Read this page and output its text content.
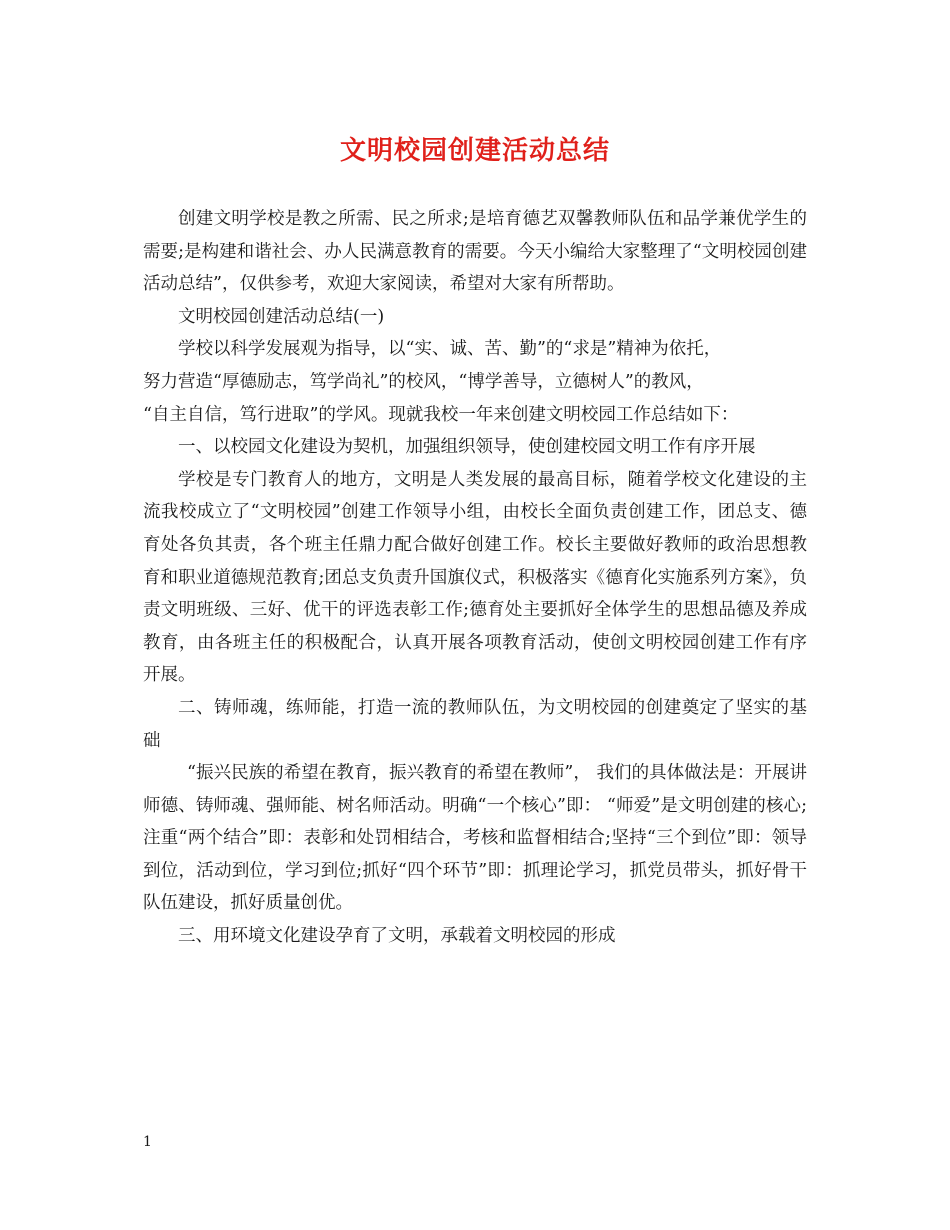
文明校园创建活动总结

创建文明学校是教之所需、民之所求;是培育德艺双馨教师队伍和品学兼优学生的需要;是构建和谐社会、办人民满意教育的需要。今天小编给大家整理了“文明校园创建活动总结”，仅供参考，欢迎大家阅读，希望对大家有所帮助。

文明校园创建活动总结(一)

学校以科学发展观为指导，以“实、诚、苦、勤”的“求是”精神为依托，

努力营造“厚德励志，笃学尚礼”的校风，“博学善导，立德树人”的教风，

“自主自信，笃行进取”的学风。现就我校一年来创建文明校园工作总结如下：

一、以校园文化建设为契机，加强组织领导，使创建校园文明工作有序开展

学校是专门教育人的地方，文明是人类发展的最高目标，随着学校文化建设的主流我校成立了“文明校园”创建工作领导小组，由校长全面负责创建工作，团总支、德育处各负其责，各个班主任鼎力配合做好创建工作。校长主要做好教师的政治思想教育和职业道德规范教育;团总支负责升国旗仪式，积极落实《德育化实施系列方案》，负责文明班级、三好、优干的评选表彰工作;德育处主要抓好全体学生的思想品德及养成教育，由各班主任的积极配合，认真开展各项教育活动，使创文明校园创建工作有序开展。

二、铸师魂，练师能，打造一流的教师队伍，为文明校园的创建奠定了坚实的基础

“振兴民族的希望在教育，振兴教育的希望在教师”， 我们的具体做法是：开展讲师德、铸师魂、强师能、树名师活动。明确“一个核心”即： “师爱”是文明创建的核心;注重“两个结合”即：表彰和处罚相结合，考核和监督相结合;坚持“三个到位”即：领导到位，活动到位，学习到位;抓好“四个环节”即：抓理论学习，抓党员带头，抓好骨干队伍建设，抓好质量创优。

三、用环境文化建设孕育了文明，承载着文明校园的形成

1
